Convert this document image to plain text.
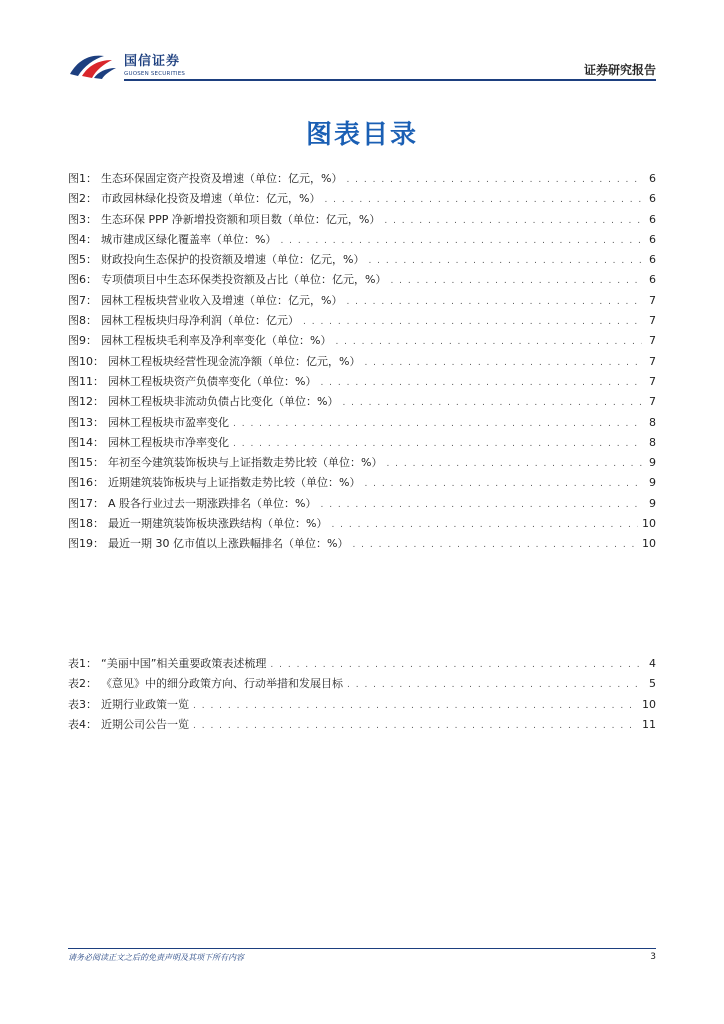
国信证券
GUOSEN SECURITIES	证券研究报告
图表目录
图1： 生态环保固定资产投资及增速（单位：亿元，%） . . .	6
图2： 市政园林绿化投资及增速（单位：亿元，%） . . .	6
图3： 生态环保 PPP 净新增投资额和项目数（单位：亿元，%） . . .	6
图4： 城市建成区绿化覆盖率（单位：%） . . .	6
图5： 财政投向生态保护的投资额及增速（单位：亿元，%） . . .	6
图6： 专项债项目中生态环保类投资额及占比（单位：亿元，%） . . .	6
图7： 园林工程板块营业收入及增速（单位：亿元，%） . . .	7
图8： 园林工程板块归母净利润（单位：亿元） . . .	7
图9： 园林工程板块毛利率及净利率变化（单位：%） . . .	7
图10： 园林工程板块经营性现金流净额（单位：亿元，%） . . .	7
图11： 园林工程板块资产负债率变化（单位：%） . . .	7
图12： 园林工程板块非流动负债占比变化（单位：%） . . .	7
图13： 园林工程板块市盈率变化 . . .	8
图14： 园林工程板块市净率变化 . . .	8
图15： 年初至今建筑装饰板块与上证指数走势比较（单位：%） . . .	9
图16： 近期建筑装饰板块与上证指数走势比较（单位：%） . . .	9
图17： A 股各行业过去一期涨跌排名（单位：%） . . .	9
图18： 最近一期建筑装饰板块涨跌结构（单位：%） . . .	10
图19： 最近一期 30 亿市值以上涨跌幅排名（单位：%） . . .	10
表1： “美丽中国”相关重要政策表述梳理 . . .	4
表2： 《意见》中的细分政策方向、行动举措和发展目标 . . .	5
表3： 近期行业政策一览 . . .	10
表4： 近期公司公告一览 . . .	11
请务必阅读正文之后的免责声明及其项下所有内容	3
